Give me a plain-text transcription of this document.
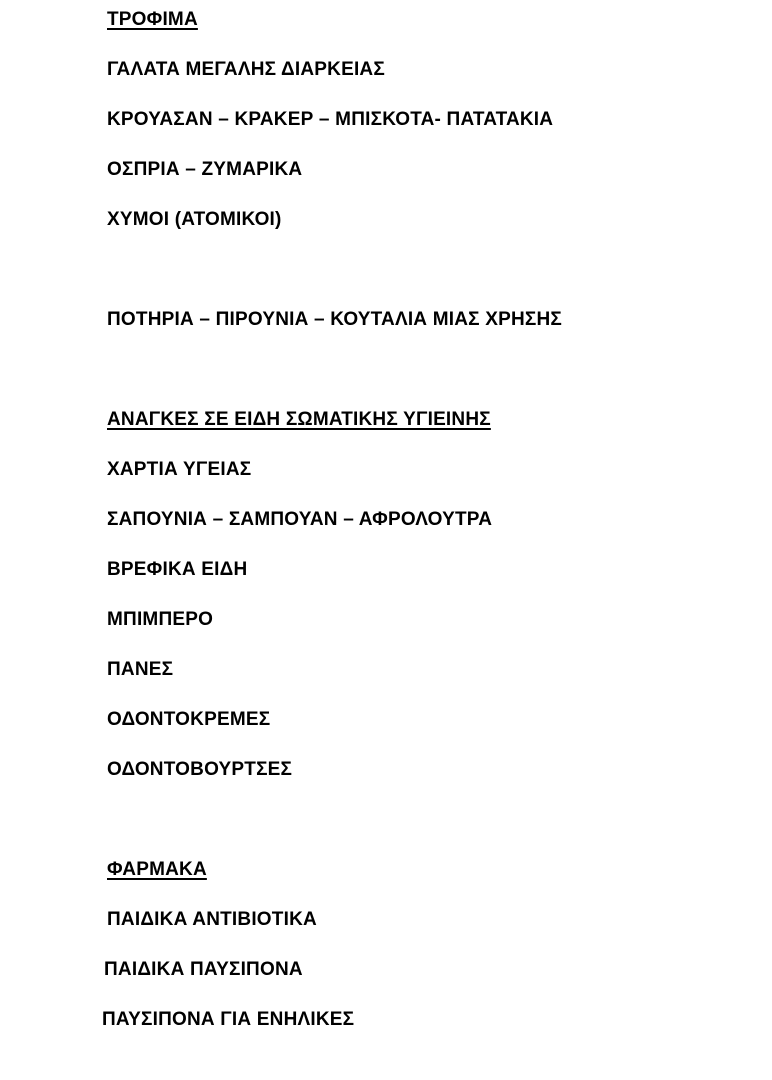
ΤΡΟΦΙΜΑ

ΓΑΛΑΤΑ ΜΕΓΑΛΗΣ ΔΙΑΡΚΕΙΑΣ

ΚΡΟΥΑΣΑΝ – ΚΡΑΚΕΡ – ΜΠΙΣΚΟΤΑ- ΠΑΤΑΤΑΚΙΑ

ΟΣΠΡΙΑ – ΖΥΜΑΡΙΚΑ

ΧΥΜΟΙ (ΑΤΟΜΙΚΟΙ)

ΠΟΤΗΡΙΑ – ΠΙΡΟΥΝΙΑ – ΚΟΥΤΑΛΙΑ ΜΙΑΣ ΧΡΗΣΗΣ

ΑΝΑΓΚΕΣ ΣΕ ΕΙΔΗ ΣΩΜΑΤΙΚΗΣ ΥΓΙΕΙΝΗΣ

ΧΑΡΤΙΑ ΥΓΕΙΑΣ

ΣΑΠΟΥΝΙΑ – ΣΑΜΠΟΥΑΝ – ΑΦΡΟΛΟΥΤΡΑ

ΒΡΕΦΙΚΑ ΕΙΔΗ

ΜΠΙΜΠΕΡΟ

ΠΑΝΕΣ

ΟΔΟΝΤΟΚΡΕΜΕΣ

ΟΔΟΝΤΟΒΟΥΡΤΣΕΣ

ΦΑΡΜΑΚΑ

ΠΑΙΔΙΚΑ ΑΝΤΙΒΙΟΤΙΚΑ

ΠΑΙΔΙΚΑ ΠΑΥΣΙΠΟΝΑ

ΠΑΥΣΙΠΟΝΑ ΓΙΑ ΕΝΗΛΙΚΕΣ
